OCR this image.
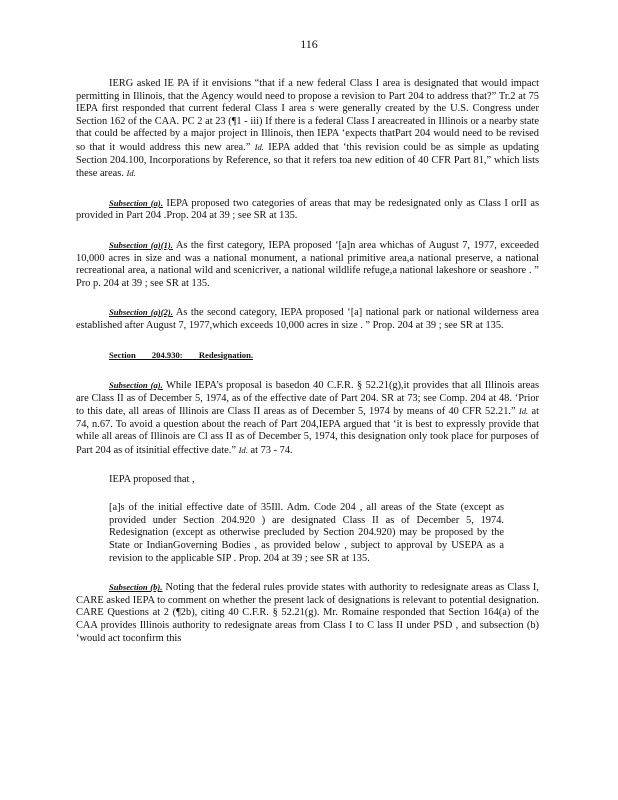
116

IERG asked IE PA if it envisions “that if a new federal Class I area is designated that would impact permitting in Illinois, that the Agency would need to propose a revision to Part 204 to address that?” Tr.2 at 75 IEPA first responded that current federal Class I area s were generally created by the U.S. Congress under Section 162 of the CAA. PC 2 at 23 (¶1 - iii) If there is a federal Class I areacreated in Illinois or a nearby state that could be affected by a major project in Illinois, then IEPA ‘expects thatPart 204 would need to be revised so that it would address this new area.” Id. IEPA added that ‘this revision could be as simple as updating Section 204.100, Incorporations by Reference, so that it refers toa new edition of 40 CFR Part 81,” which lists these areas. Id.

Subsection (a). IEPA proposed two categories of areas that may be redesignated only as Class I orII as provided in Part 204 .Prop. 204 at 39 ; see SR at 135.

Subsection (a)(1). As the first category, IEPA proposed ‘[a]n area whichas of August 7, 1977, exceeded 10,000 acres in size and was a national monument, a national primitive area,a national preserve, a national recreational area, a national wild and scenicriver, a national wildlife refuge,a national lakeshore or seashore . ” Pro p. 204 at 39 ; see SR at 135.

Subsection (a)(2). As the second category, IEPA proposed ‘[a] national park or national wilderness area established after August 7, 1977,which exceeds 10,000 acres in size . ” Prop. 204 at 39 ; see SR at 135.

Section 204.930: Redesignation.

Subsection (a). While IEPA’s proposal is basedon 40 C.F.R. § 52.21(g),it provides that all Illinois areas are Class II as of December 5, 1974, as of the effective date of Part 204. SR at 73; see Comp. 204 at 48. ‘Prior to this date, all areas of Illinois are Class II areas as of December 5, 1974 by means of 40 CFR 52.21.” Id. at 74, n.67. To avoid a question about the reach of Part 204,IEPA argued that ‘it is best to expressly provide that while all areas of Illinois are Cl ass II as of December 5, 1974, this designation only took place for purposes of Part 204 as of itsinitial effective date.” Id. at 73 - 74.

IEPA proposed that ,

[a]s of the initial effective date of 35Ill. Adm. Code 204 , all areas of the State (except as provided under Section 204.920 ) are designated Class II as of December 5, 1974. Redesignation (except as otherwise precluded by Section 204.920) may be proposed by the State or IndianGoverning Bodies , as provided below , subject to approval by USEPA as a revision to the applicable SIP . Prop. 204 at 39 ; see SR at 135.

Subsection (b). Noting that the federal rules provide states with authority to redesignate areas as Class I, CARE asked IEPA to comment on whether the present lack of designations is relevant to potential designation. CARE Questions at 2 (¶2b), citing 40 C.F.R. § 52.21(g). Mr. Romaine responded that Section 164(a) of the CAA provides Illinois authority to redesignate areas from Class I to C lass II under PSD , and subsection (b) ‘would act toconfirm this
